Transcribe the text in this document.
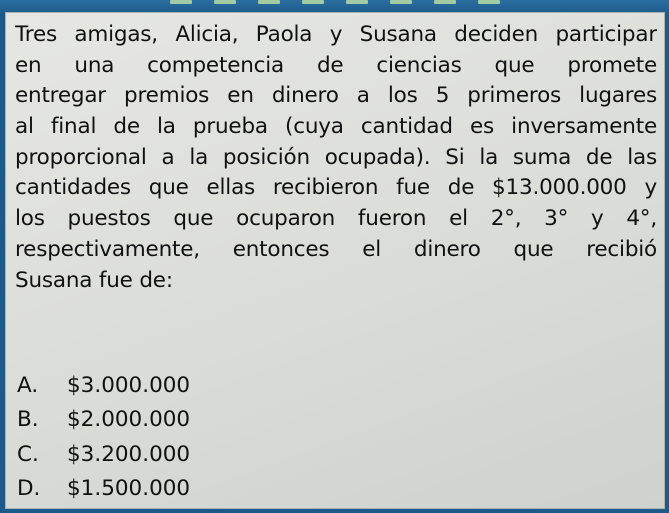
Tres amigas, Alicia, Paola y Susana deciden participar
en una competencia de ciencias que promete
entregar premios en dinero a los 5 primeros lugares
al final de la prueba (cuya cantidad es inversamente
proporcional a la posición ocupada). Si la suma de las
cantidades que ellas recibieron fue de $13.000.000 y
los puestos que ocuparon fueron el 2°, 3° y 4°,
respectivamente, entonces el dinero que recibió
Susana fue de:

A. $3.000.000
B. $2.000.000
C. $3.200.000
D. $1.500.000
